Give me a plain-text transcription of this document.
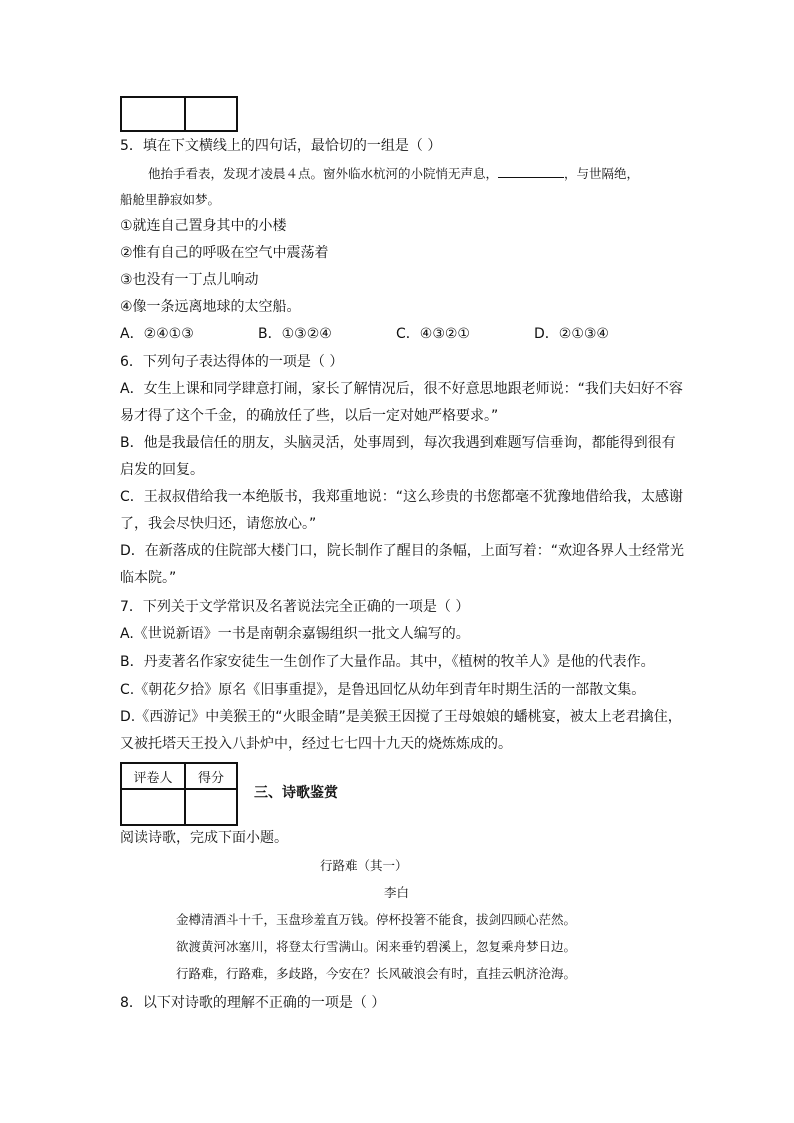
5．填在下文横线上的四句话，最恰切的一组是（ ）
他抬手看表，发现才凌晨４点。窗外临水杭河的小院悄无声息，	，与世隔绝，
船舱里静寂如梦。
①就连自己置身其中的小楼
②惟有自己的呼吸在空气中震荡着
③也没有一丁点儿响动
④像一条远离地球的太空船。
A．②④①③	B．①③②④	C．④③②①	D．②①③④
6．下列句子表达得体的一项是（ ）
A．女生上课和同学肆意打闹，家长了解情况后，很不好意思地跟老师说：“我们夫妇好不容
易才得了这个千金，的确放任了些，以后一定对她严格要求。”
B．他是我最信任的朋友，头脑灵活，处事周到，每次我遇到难题写信垂询，都能得到很有
启发的回复。
C．王叔叔借给我一本绝版书，我郑重地说：“这么珍贵的书您都毫不犹豫地借给我，太感谢
了，我会尽快归还，请您放心。”
D．在新落成的住院部大楼门口，院长制作了醒目的条幅，上面写着：“欢迎各界人士经常光
临本院。”
7．下列关于文学常识及名著说法完全正确的一项是（ ）
A.《世说新语》一书是南朝余嘉锡组织一批文人编写的。
B．丹麦著名作家安徒生一生创作了大量作品。其中，《植树的牧羊人》是他的代表作。
C.《朝花夕拾》原名《旧事重提》，是鲁迅回忆从幼年到青年时期生活的一部散文集。
D.《西游记》中美猴王的“火眼金睛”是美猴王因搅了王母娘娘的蟠桃宴，被太上老君擒住，
又被托塔天王投入八卦炉中，经过七七四十九天的烧炼炼成的。
评卷人	得分

三、诗歌鉴赏
阅读诗歌，完成下面小题。
行路难（其一）
李白
金樽清酒斗十千，玉盘珍羞直万钱。停杯投箸不能食，拔剑四顾心茫然。
欲渡黄河冰塞川，将登太行雪满山。闲来垂钓碧溪上，忽复乘舟梦日边。
行路难，行路难，多歧路，今安在？长风破浪会有时，直挂云帆济沧海。
8．以下对诗歌的理解不正确的一项是（ ）
